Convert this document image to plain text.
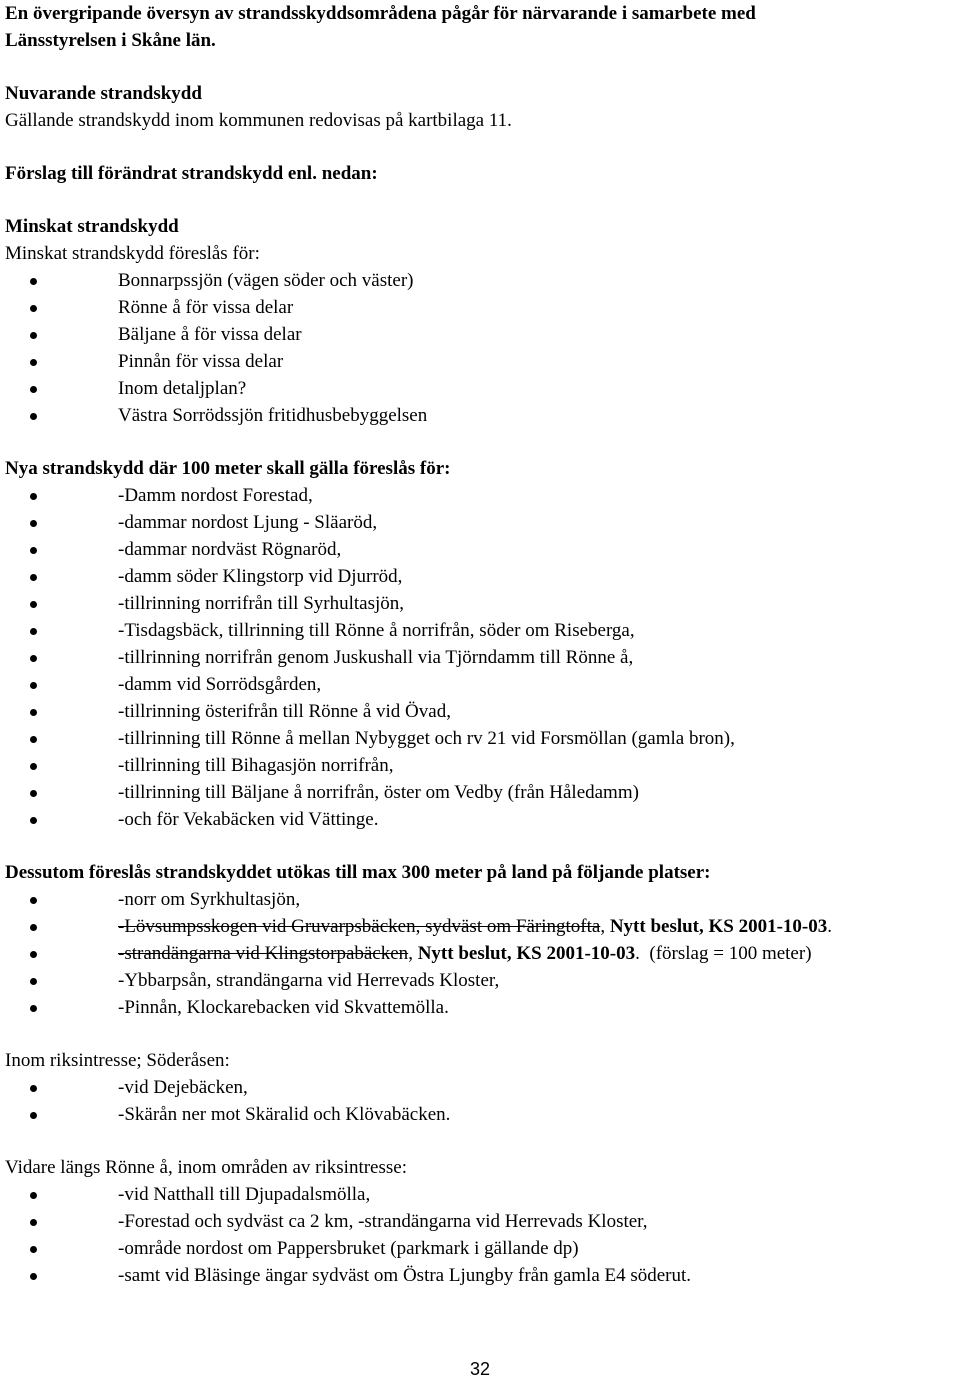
En övergripande översyn av strandsskyddsområdena pågår för närvarande i samarbete med

Länsstyrelsen i Skåne län.

Nuvarande strandskydd

Gällande strandskydd inom kommunen redovisas på kartbilaga 11.

Förslag till förändrat strandskydd enl. nedan:

Minskat strandskydd

Minskat strandskydd föreslås för:

Bonnarpssjön (vägen söder och väster)
Rönne å för vissa delar
Bäljane å för vissa delar
Pinnån för vissa delar
Inom detaljplan?
Västra Sorrödssjön fritidhusbebyggelsen

Nya strandskydd där 100 meter skall gälla föreslås för:

-Damm nordost Forestad,
-dammar nordost Ljung - Släaröd,
-dammar nordväst Rögnaröd,
-damm söder Klingstorp vid Djurröd,
-tillrinning norrifrån till Syrhultasjön,
-Tisdagsbäck, tillrinning till Rönne å norrifrån, söder om Riseberga,
-tillrinning norrifrån genom Juskushall via Tjörndamm till Rönne å,
-damm vid Sorrödsgården,
-tillrinning österifrån till Rönne å vid Övad,
-tillrinning till Rönne å mellan Nybygget och rv 21 vid Forsmöllan (gamla bron),
-tillrinning till Bihagasjön norrifrån,
-tillrinning till Bäljane å norrifrån, öster om Vedby (från Håledamm)
-och för Vekabäcken vid Vättinge.

Dessutom föreslås strandskyddet utökas till max 300 meter på land på följande platser:

-norr om Syrkhultasjön,
-Lövsumpsskogen vid Gruvarpsbäcken, sydväst om Färingtofta, Nytt beslut, KS 2001-10-03.
-strandängarna vid Klingstorpabäcken, Nytt beslut, KS 2001-10-03.  (förslag = 100 meter)
-Ybbarpsån, strandängarna vid Herrevads Kloster,
-Pinnån, Klockarebacken vid Skvattemölla.

Inom riksintresse; Söderåsen:

-vid Dejebäcken,
-Skärån ner mot Skäralid och Klövabäcken.

Vidare längs Rönne å, inom områden av riksintresse:

-vid Natthall till Djupadalsmölla,
-Forestad och sydväst ca 2 km, -strandängarna vid Herrevads Kloster,
-område nordost om Pappersbruket (parkmark i gällande dp)
-samt vid Bläsinge ängar sydväst om Östra Ljungby från gamla E4 söderut.
32
